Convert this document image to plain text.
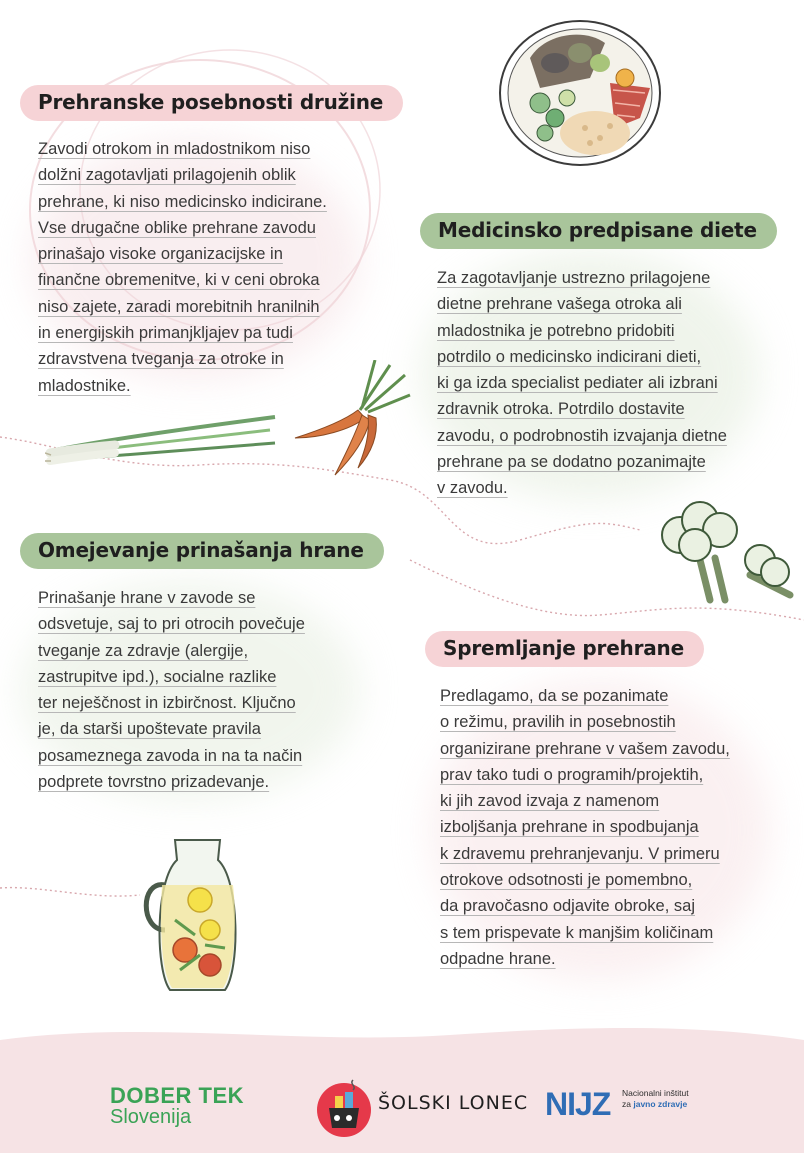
Prehranske posebnosti družine
Zavodi otrokom in mladostnikom niso
dolžni zagotavljati prilagojenih oblik
prehrane, ki niso medicinsko indicirane.
Vse drugačne oblike prehrane zavodu
prinašajo visoke organizacijske in
finančne obremenitve, ki v ceni obroka
niso zajete, zaradi morebitnih hranilnih
in energijskih primanjkljajev pa tudi
zdravstvena tveganja za otroke in
mladostnike.
Medicinsko predpisane diete
Za zagotavljanje ustrezno prilagojene
dietne prehrane vašega otroka ali
mladostnika je potrebno pridobiti
potrdilo o medicinsko indicirani dieti,
ki ga izda specialist pediater ali izbrani
zdravnik otroka. Potrdilo dostavite
zavodu, o podrobnostih izvajanja dietne
prehrane pa se dodatno pozanimajte
v zavodu.
Omejevanje prinašanja hrane
Prinašanje hrane v zavode se
odsvetuje, saj to pri otrocih povečuje
tveganje za zdravje (alergije,
zastrupitve ipd.), socialne razlike
ter neješčnost in izbirčnost. Ključno
je, da starši upoštevate pravila
posameznega zavoda in na ta način
podprete tovrstno prizadevanje.
Spremljanje prehrane
Predlagamo, da se pozanimate
o režimu, pravilih in posebnostih
organizirane prehrane v vašem zavodu,
prav tako tudi o programih/projektih,
ki jih zavod izvaja z namenom
izboljšanja prehrane in spodbujanja
k zdravemu prehranjevanju. V primeru
otrokove odsotnosti je pomembno,
da pravočasno odjavite obroke, saj
s tem prispevate k manjšim količinam
odpadne hrane.
DOBER TEK
Slovenija
ŠOLSKI LONEC NIJZ Nacionalni inštitut
za javno zdravje
